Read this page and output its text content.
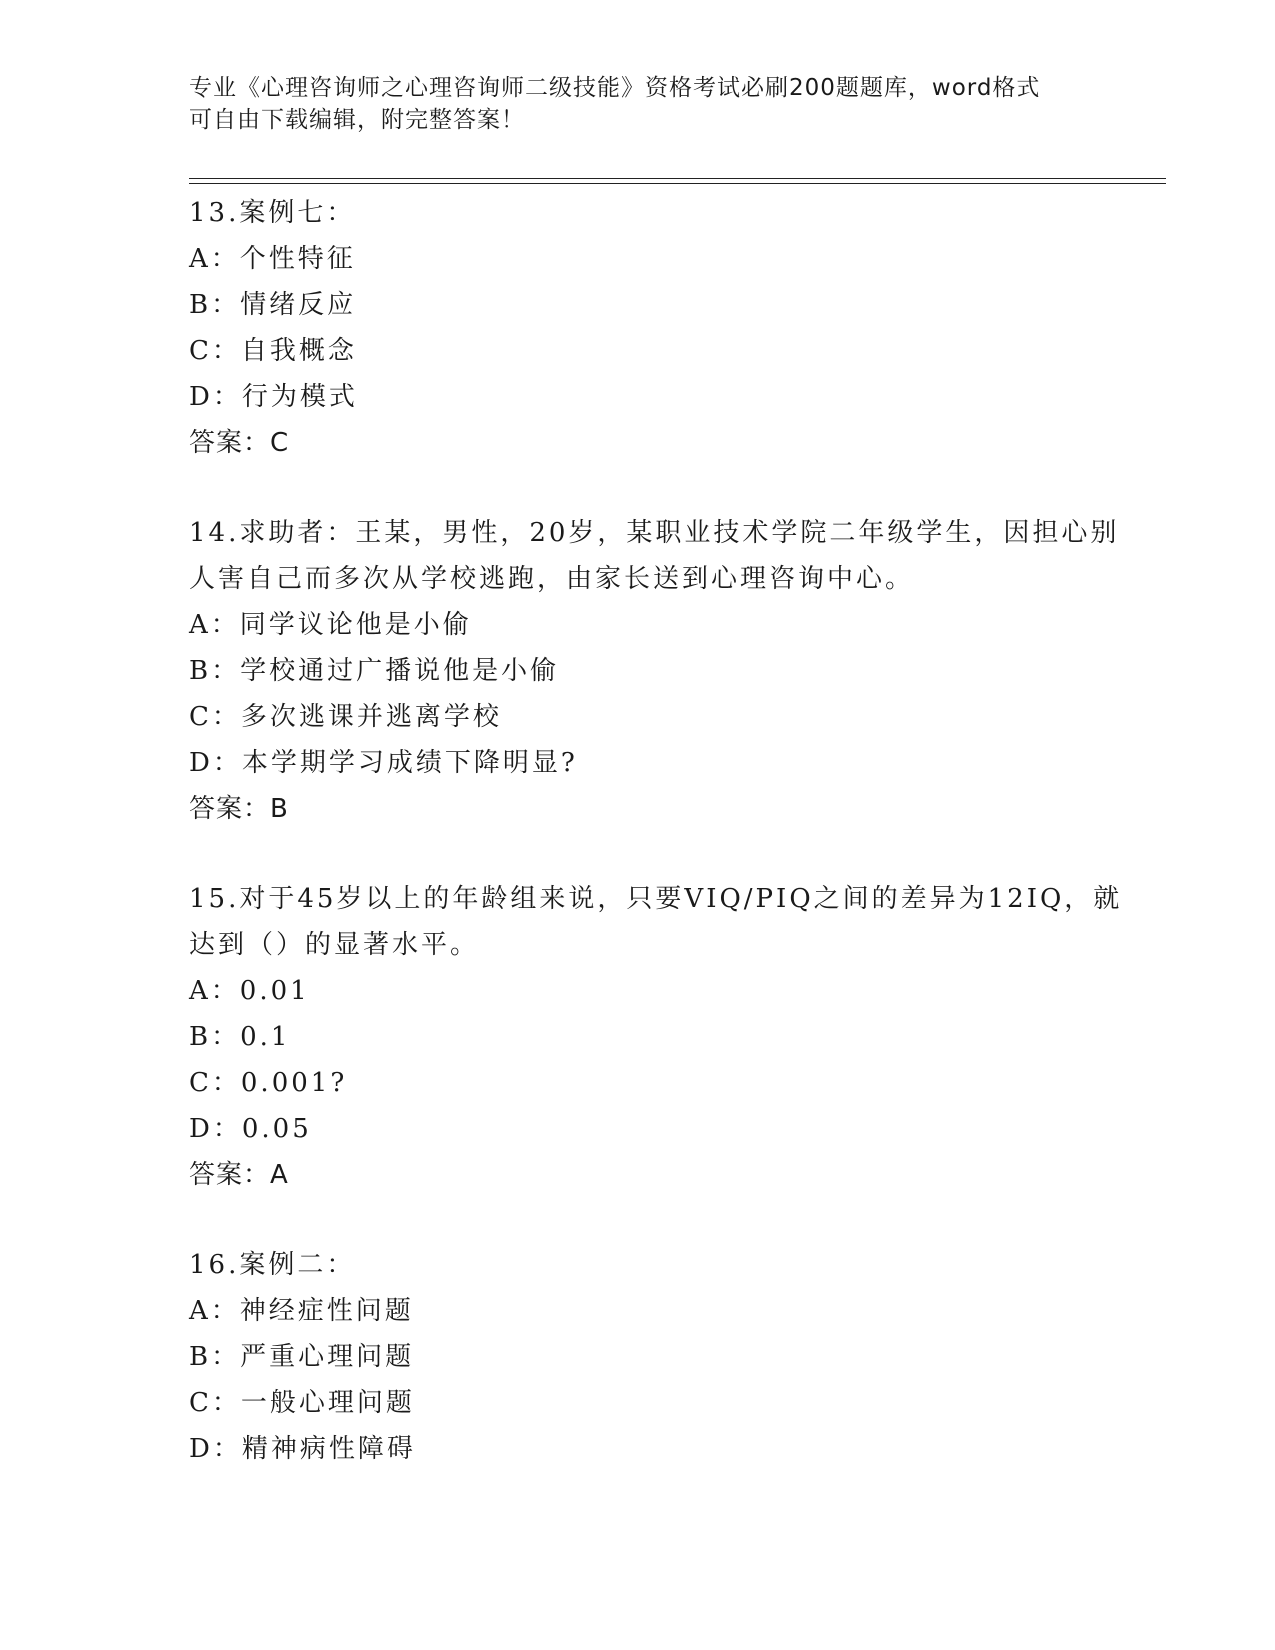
专业《心理咨询师之心理咨询师二级技能》资格考试必刷200题题库，word格式
可自由下载编辑，附完整答案！
13.案例七：
A：个性特征
B：情绪反应
C：自我概念
D：行为模式
答案：C
14.求助者：王某，男性，20岁，某职业技术学院二年级学生，因担心别人害自己而多次从学校逃跑，由家长送到心理咨询中心。
A：同学议论他是小偷
B：学校通过广播说他是小偷
C：多次逃课并逃离学校
D：本学期学习成绩下降明显?
答案：B
15.对于45岁以上的年龄组来说，只要VIQ/PIQ之间的差异为12IQ，就达到（）的显著水平。
A：0.01
B：0.1
C：0.001?
D：0.05
答案：A
16.案例二：
A：神经症性问题
B：严重心理问题
C：一般心理问题
D：精神病性障碍
